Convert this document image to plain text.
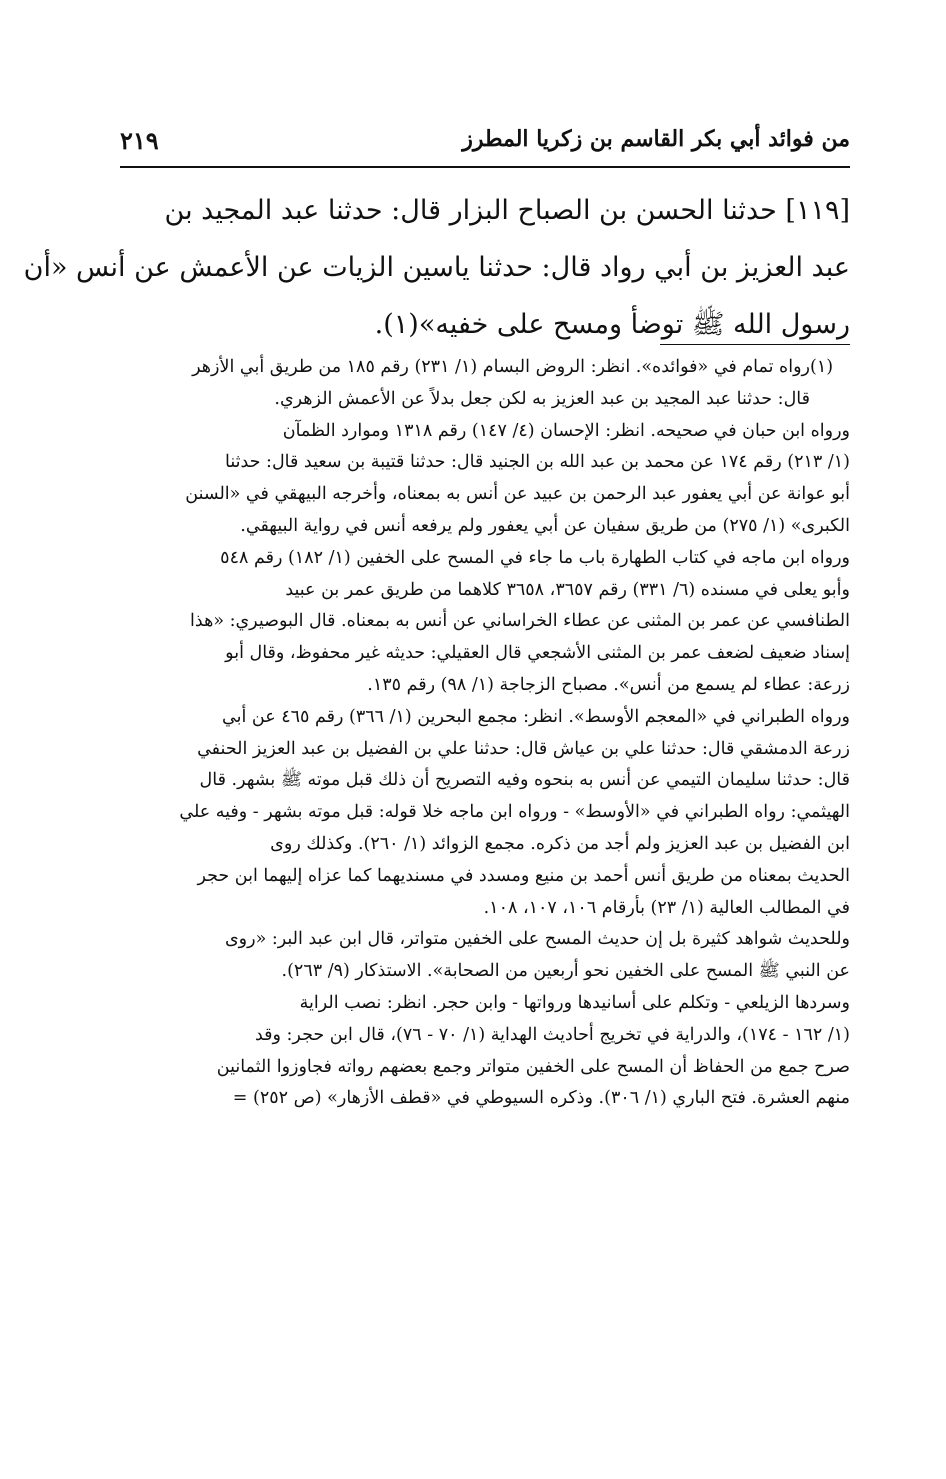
من فوائد أبي بكر القاسم بن زكريا المطرز
٢١٩
[١١٩] حدثنا الحسن بن الصباح البزار قال: حدثنا عبد المجيد بن
عبد العزيز بن أبي رواد قال: حدثنا ياسين الزيات عن الأعمش عن أنس «أن
رسول الله ﷺ توضأ ومسح على خفيه»(١).
(١)
رواه تمام في «فوائده». انظر: الروض البسام (١/ ٢٣١) رقم ١٨٥ من طريق أبي الأزهر
قال: حدثنا عبد المجيد بن عبد العزيز به لكن جعل بدلاً عن الأعمش الزهري.
ورواه ابن حبان في صحيحه. انظر: الإحسان (٤/ ١٤٧) رقم ١٣١٨ وموارد الظمآن
(١/ ٢١٣) رقم ١٧٤ عن محمد بن عبد الله بن الجنيد قال: حدثنا قتيبة بن سعيد قال: حدثنا
أبو عوانة عن أبي يعفور عبد الرحمن بن عبيد عن أنس به بمعناه، وأخرجه البيهقي في «السنن
الكبرى» (١/ ٢٧٥) من طريق سفيان عن أبي يعفور ولم يرفعه أنس في رواية البيهقي.
ورواه ابن ماجه في كتاب الطهارة باب ما جاء في المسح على الخفين (١/ ١٨٢) رقم ٥٤٨
وأبو يعلى في مسنده (٦/ ٣٣١) رقم ٣٦٥٧، ٣٦٥٨ كلاهما من طريق عمر بن عبيد
الطنافسي عن عمر بن المثنى عن عطاء الخراساني عن أنس به بمعناه. قال البوصيري: «هذا
إسناد ضعيف لضعف عمر بن المثنى الأشجعي قال العقيلي: حديثه غير محفوظ، وقال أبو
زرعة: عطاء لم يسمع من أنس». مصباح الزجاجة (١/ ٩٨) رقم ١٣٥.
ورواه الطبراني في «المعجم الأوسط». انظر: مجمع البحرين (١/ ٣٦٦) رقم ٤٦٥ عن أبي
زرعة الدمشقي قال: حدثنا علي بن عياش قال: حدثنا علي بن الفضيل بن عبد العزيز الحنفي
قال: حدثنا سليمان التيمي عن أنس به بنحوه وفيه التصريح أن ذلك قبل موته ﷺ بشهر. قال
الهيثمي: رواه الطبراني في «الأوسط» - ورواه ابن ماجه خلا قوله: قبل موته بشهر - وفيه علي
ابن الفضيل بن عبد العزيز ولم أجد من ذكره. مجمع الزوائد (١/ ٢٦٠). وكذلك روى
الحديث بمعناه من طريق أنس أحمد بن منيع ومسدد في مسنديهما كما عزاه إليهما ابن حجر
في المطالب العالية (١/ ٢٣) بأرقام ١٠٦، ١٠٧، ١٠٨.
وللحديث شواهد كثيرة بل إن حديث المسح على الخفين متواتر، قال ابن عبد البر: «روى
عن النبي ﷺ المسح على الخفين نحو أربعين من الصحابة». الاستذكار (٩/ ٢٦٣).
وسردها الزيلعي - وتكلم على أسانيدها ورواتها - وابن حجر. انظر: نصب الراية
(١/ ١٦٢ - ١٧٤)، والدراية في تخريج أحاديث الهداية (١/ ٧٠ - ٧٦)، قال ابن حجر: وقد
صرح جمع من الحفاظ أن المسح على الخفين متواتر وجمع بعضهم رواته فجاوزوا الثمانين
منهم العشرة. فتح الباري (١/ ٣٠٦). وذكره السيوطي في «قطف الأزهار» (ص ٢٥٢) =
